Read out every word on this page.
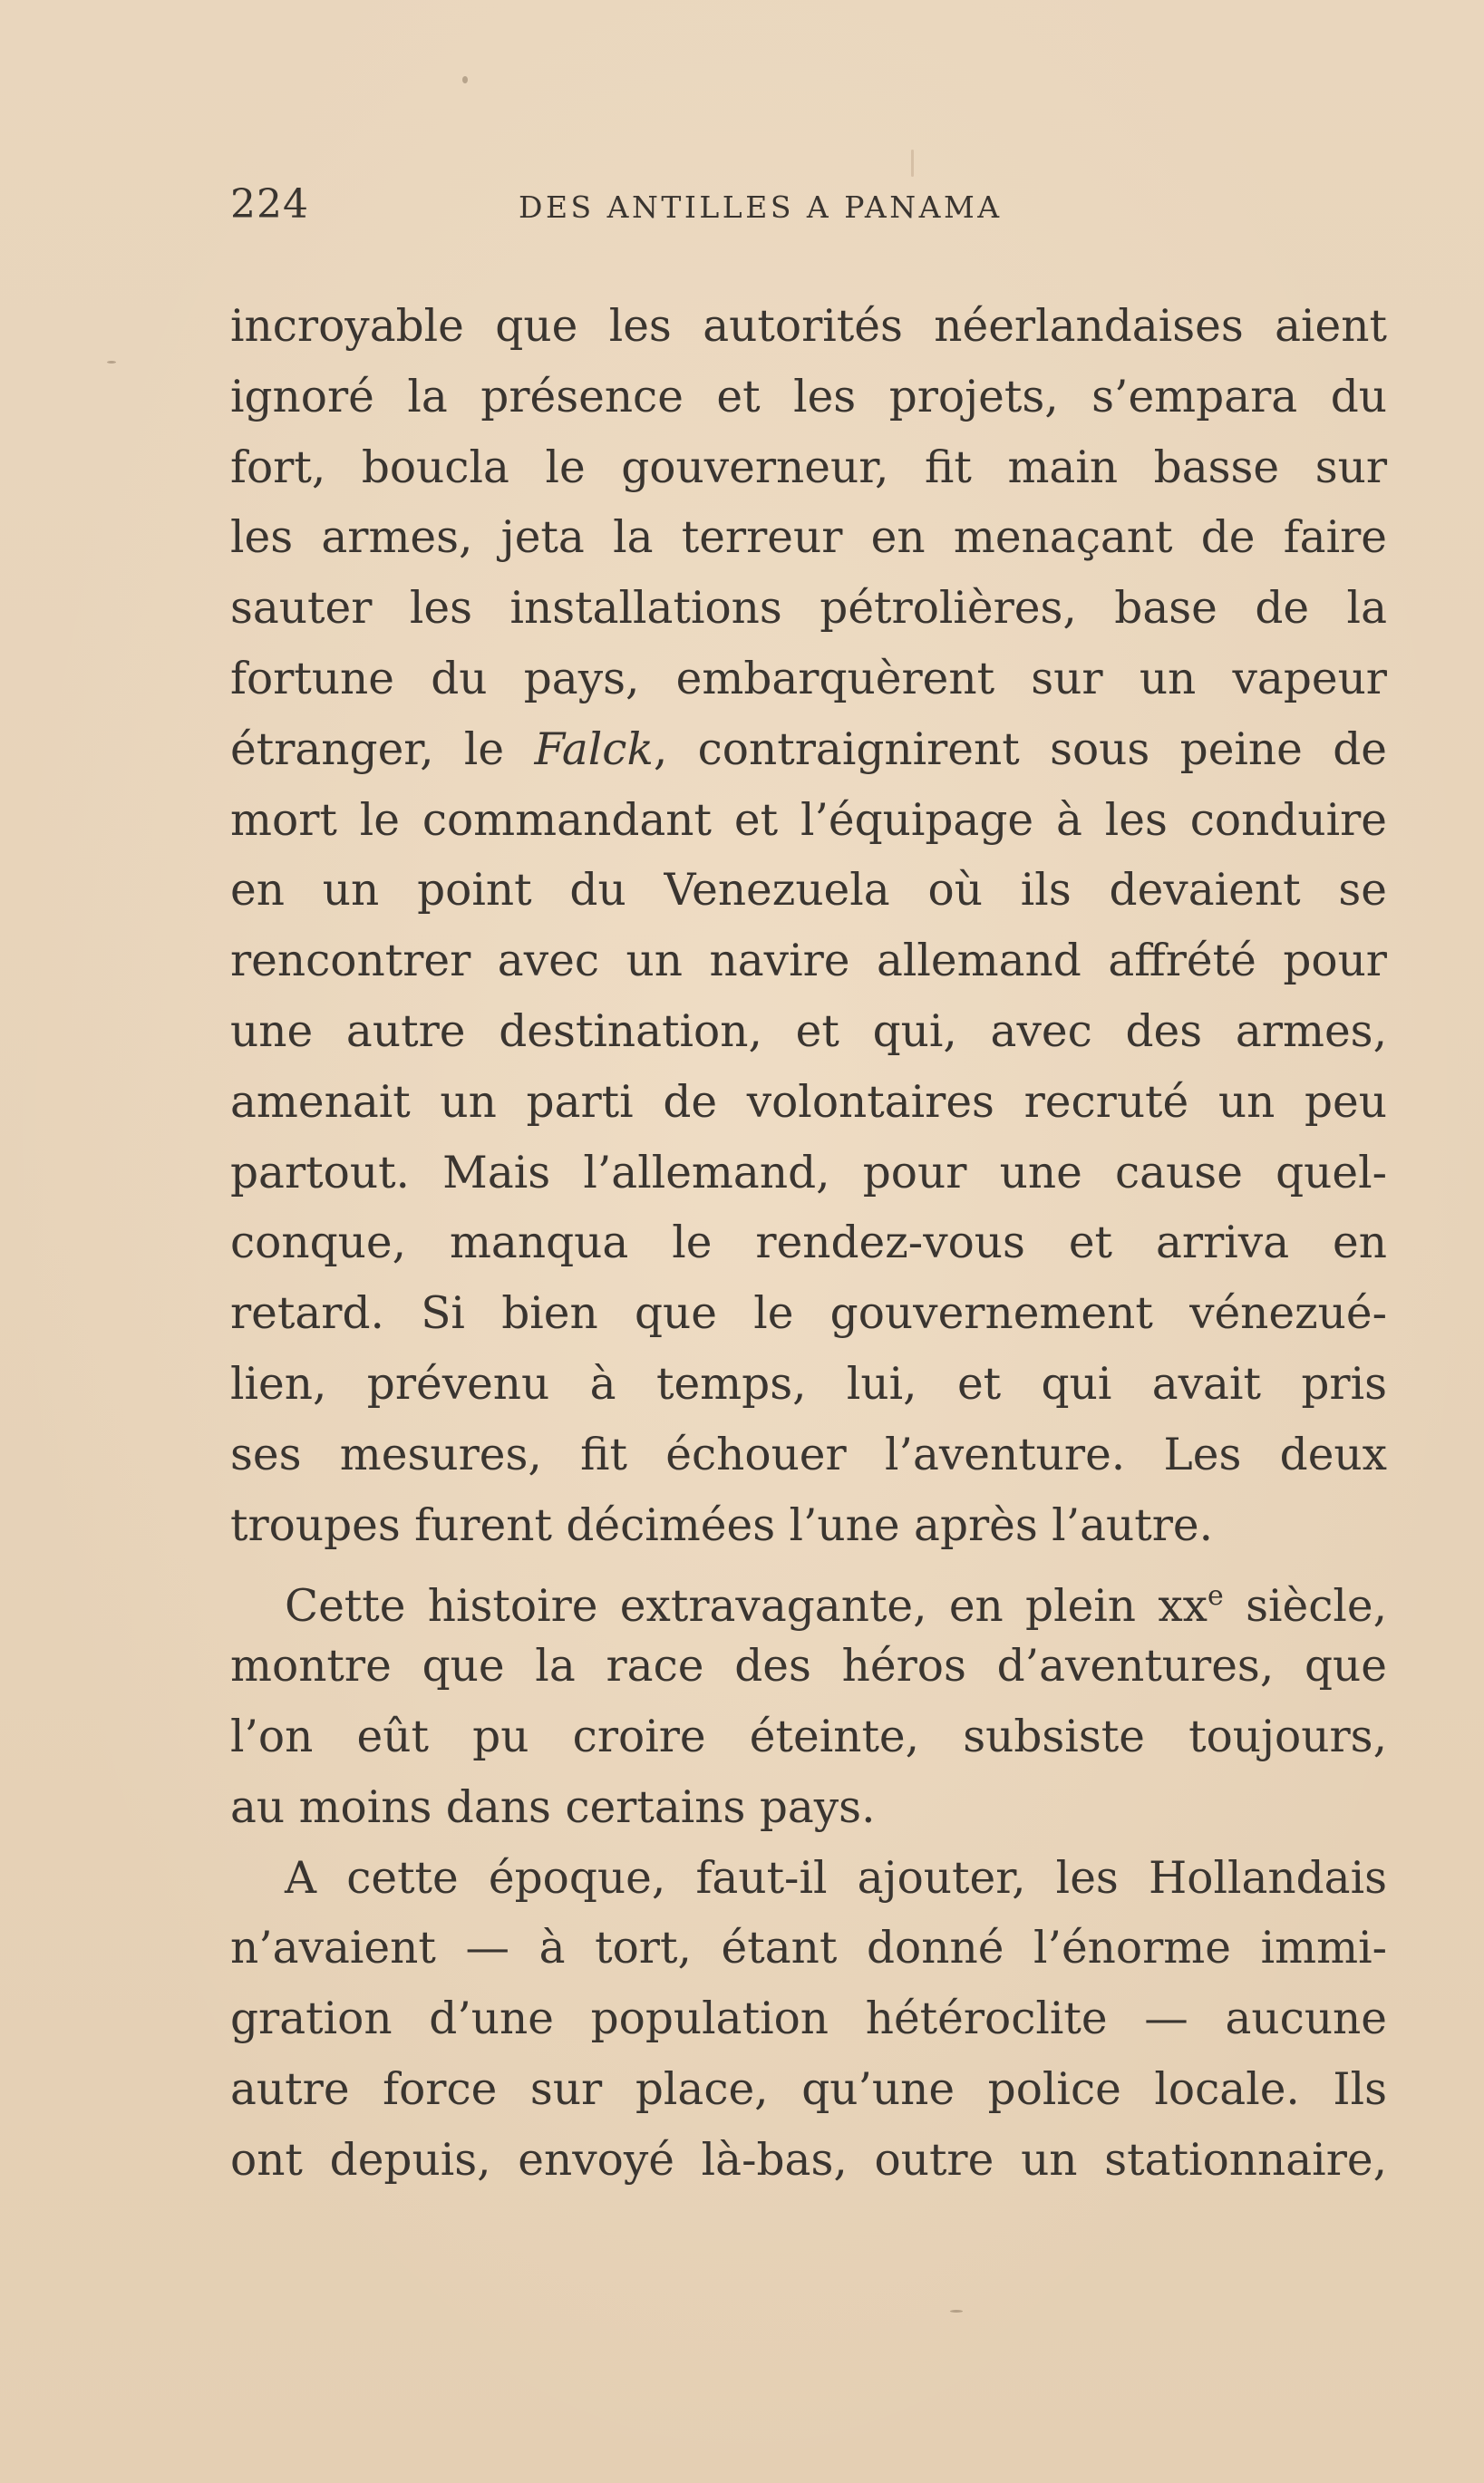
224	DES ANTILLES A PANAMA
incroyable que les autorités néerlandaises aient
ignoré la présence et les projets, s’empara du
fort, boucla le gouverneur, fit main basse sur
les armes, jeta la terreur en menaçant de faire
sauter les installations pétrolières, base de la
fortune du pays, embarquèrent sur un vapeur
étranger, le Falck, contraignirent sous peine de
mort le commandant et l’équipage à les conduire
en un point du Venezuela où ils devaient se
rencontrer avec un navire allemand affrété pour
une autre destination, et qui, avec des armes,
amenait un parti de volontaires recruté un peu
partout. Mais l’allemand, pour une cause quel-
conque, manqua le rendez-vous et arriva en
retard. Si bien que le gouvernement vénezué-
lien, prévenu à temps, lui, et qui avait pris
ses mesures, fit échouer l’aventure. Les deux
troupes furent décimées l’une après l’autre.
Cette histoire extravagante, en plein $xx^e$ siècle,
montre que la race des héros d’aventures, que
l’on eût pu croire éteinte, subsiste toujours,
au moins dans certains pays.
A cette époque, faut-il ajouter, les Hollandais
n’avaient — à tort, étant donné l’énorme immi-
gration d’une population hétéroclite — aucune
autre force sur place, qu’une police locale. Ils
ont depuis, envoyé là-bas, outre un stationnaire,
